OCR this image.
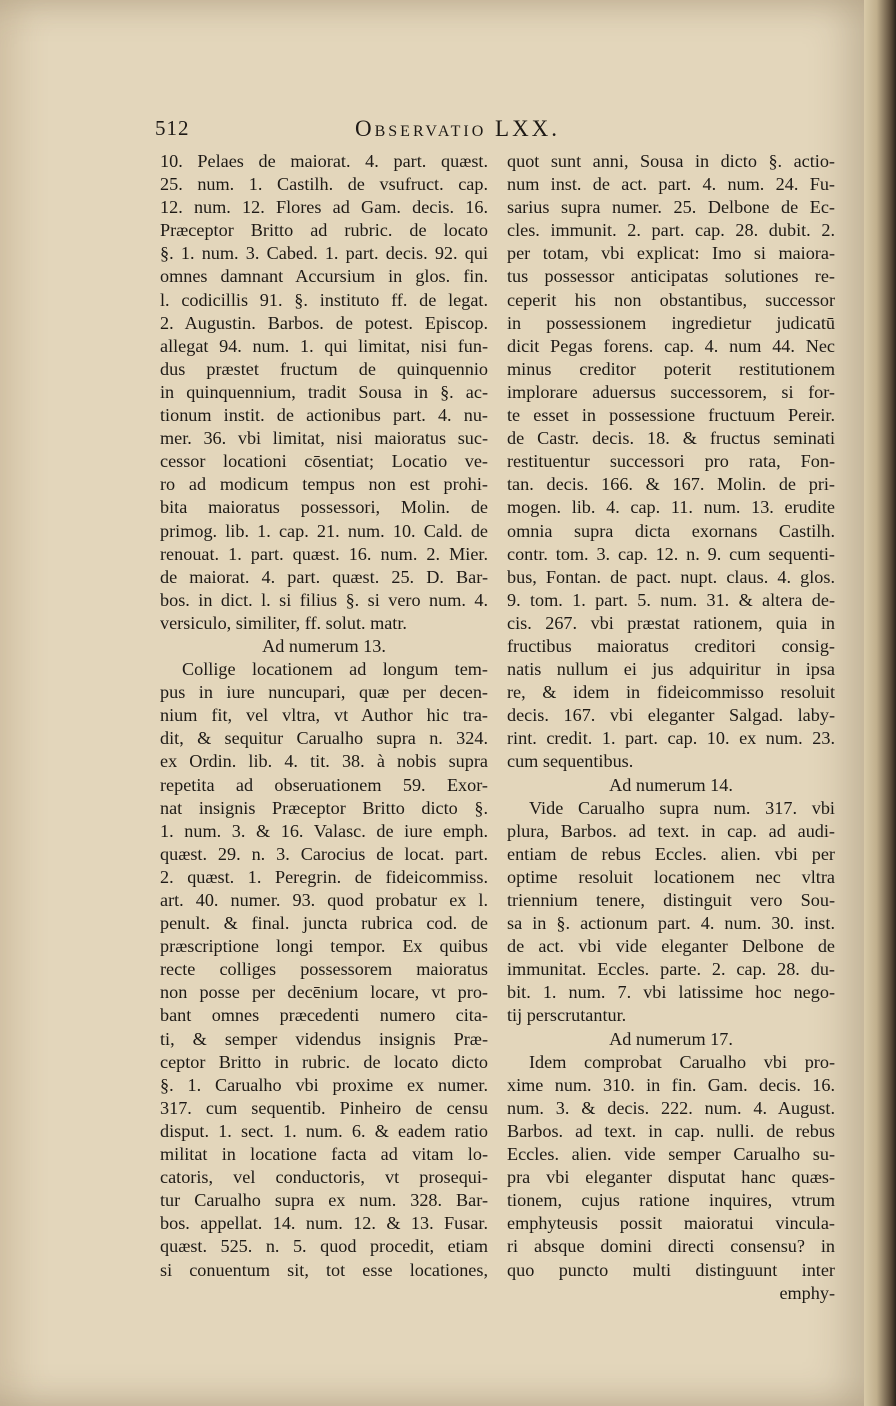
512	Observatio LXX.
10. Pelaes de maiorat. 4. part. quæst.
25. num. 1. Castilh. de vsufruct. cap.
12. num. 12. Flores ad Gam. decis. 16.
Præceptor Britto ad rubric. de locato
§. 1. num. 3. Cabed. 1. part. decis. 92. qui
omnes damnant Accursium in glos. fin.
l. codicillis 91. §. instituto ff. de legat.
2. Augustin. Barbos. de potest. Episcop.
allegat 94. num. 1. qui limitat, nisi fun-
dus præstet fructum de quinquennio
in quinquennium, tradit Sousa in §. ac-
tionum instit. de actionibus part. 4. nu-
mer. 36. vbi limitat, nisi maioratus suc-
cessor locationi cōsentiat; Locatio ve-
ro ad modicum tempus non est prohi-
bita maioratus possessori, Molin. de
primog. lib. 1. cap. 21. num. 10. Cald. de
renouat. 1. part. quæst. 16. num. 2. Mier.
de maiorat. 4. part. quæst. 25. D. Bar-
bos. in dict. l. si filius §. si vero num. 4.
versiculo, similiter, ff. solut. matr.
Ad numerum 13.
Collige locationem ad longum tem-
pus in iure nuncupari, quæ per decen-
nium fit, vel vltra, vt Author hic tra-
dit, & sequitur Carualho supra n. 324.
ex Ordin. lib. 4. tit. 38. à nobis supra
repetita ad obseruationem 59. Exor-
nat insignis Præceptor Britto dicto §.
1. num. 3. & 16. Valasc. de iure emph.
quæst. 29. n. 3. Carocius de locat. part.
2. quæst. 1. Peregrin. de fideicommiss.
art. 40. numer. 93. quod probatur ex l.
penult. & final. juncta rubrica cod. de
præscriptione longi tempor. Ex quibus
recte colliges possessorem maioratus
non posse per decēnium locare, vt pro-
bant omnes præcedenti numero cita-
ti, & semper videndus insignis Præ-
ceptor Britto in rubric. de locato dicto
§. 1. Carualho vbi proxime ex numer.
317. cum sequentib. Pinheiro de censu
disput. 1. sect. 1. num. 6. & eadem ratio
militat in locatione facta ad vitam lo-
catoris, vel conductoris, vt prosequi-
tur Carualho supra ex num. 328. Bar-
bos. appellat. 14. num. 12. & 13. Fusar.
quæst. 525. n. 5. quod procedit, etiam
si conuentum sit, tot esse locationes,
quot sunt anni, Sousa in dicto §. actio-
num inst. de act. part. 4. num. 24. Fu-
sarius supra numer. 25. Delbone de Ec-
cles. immunit. 2. part. cap. 28. dubit. 2.
per totam, vbi explicat: Imo si maiora-
tus possessor anticipatas solutiones re-
ceperit his non obstantibus, successor
in possessionem ingredietur judicatū
dicit Pegas forens. cap. 4. num 44. Nec
minus creditor poterit restitutionem
implorare aduersus successorem, si for-
te esset in possessione fructuum Pereir.
de Castr. decis. 18. & fructus seminati
restituentur successori pro rata, Fon-
tan. decis. 166. & 167. Molin. de pri-
mogen. lib. 4. cap. 11. num. 13. erudite
omnia supra dicta exornans Castilh.
contr. tom. 3. cap. 12. n. 9. cum sequenti-
bus, Fontan. de pact. nupt. claus. 4. glos.
9. tom. 1. part. 5. num. 31. & altera de-
cis. 267. vbi præstat rationem, quia in
fructibus maioratus creditori consig-
natis nullum ei jus adquiritur in ipsa
re, & idem in fideicommisso resoluit
decis. 167. vbi eleganter Salgad. laby-
rint. credit. 1. part. cap. 10. ex num. 23.
cum sequentibus.
Ad numerum 14.
Vide Carualho supra num. 317. vbi
plura, Barbos. ad text. in cap. ad audi-
entiam de rebus Eccles. alien. vbi per
optime resoluit locationem nec vltra
triennium tenere, distinguit vero Sou-
sa in §. actionum part. 4. num. 30. inst.
de act. vbi vide eleganter Delbone de
immunitat. Eccles. parte. 2. cap. 28. du-
bit. 1. num. 7. vbi latissime hoc nego-
tij perscrutantur.
Ad numerum 17.
Idem comprobat Carualho vbi pro-
xime num. 310. in fin. Gam. decis. 16.
num. 3. & decis. 222. num. 4. August.
Barbos. ad text. in cap. nulli. de rebus
Eccles. alien. vide semper Carualho su-
pra vbi eleganter disputat hanc quæs-
tionem, cujus ratione inquires, vtrum
emphyteusis possit maioratui vincula-
ri absque domini directi consensu? in
quo puncto multi distinguunt inter
emphy-
